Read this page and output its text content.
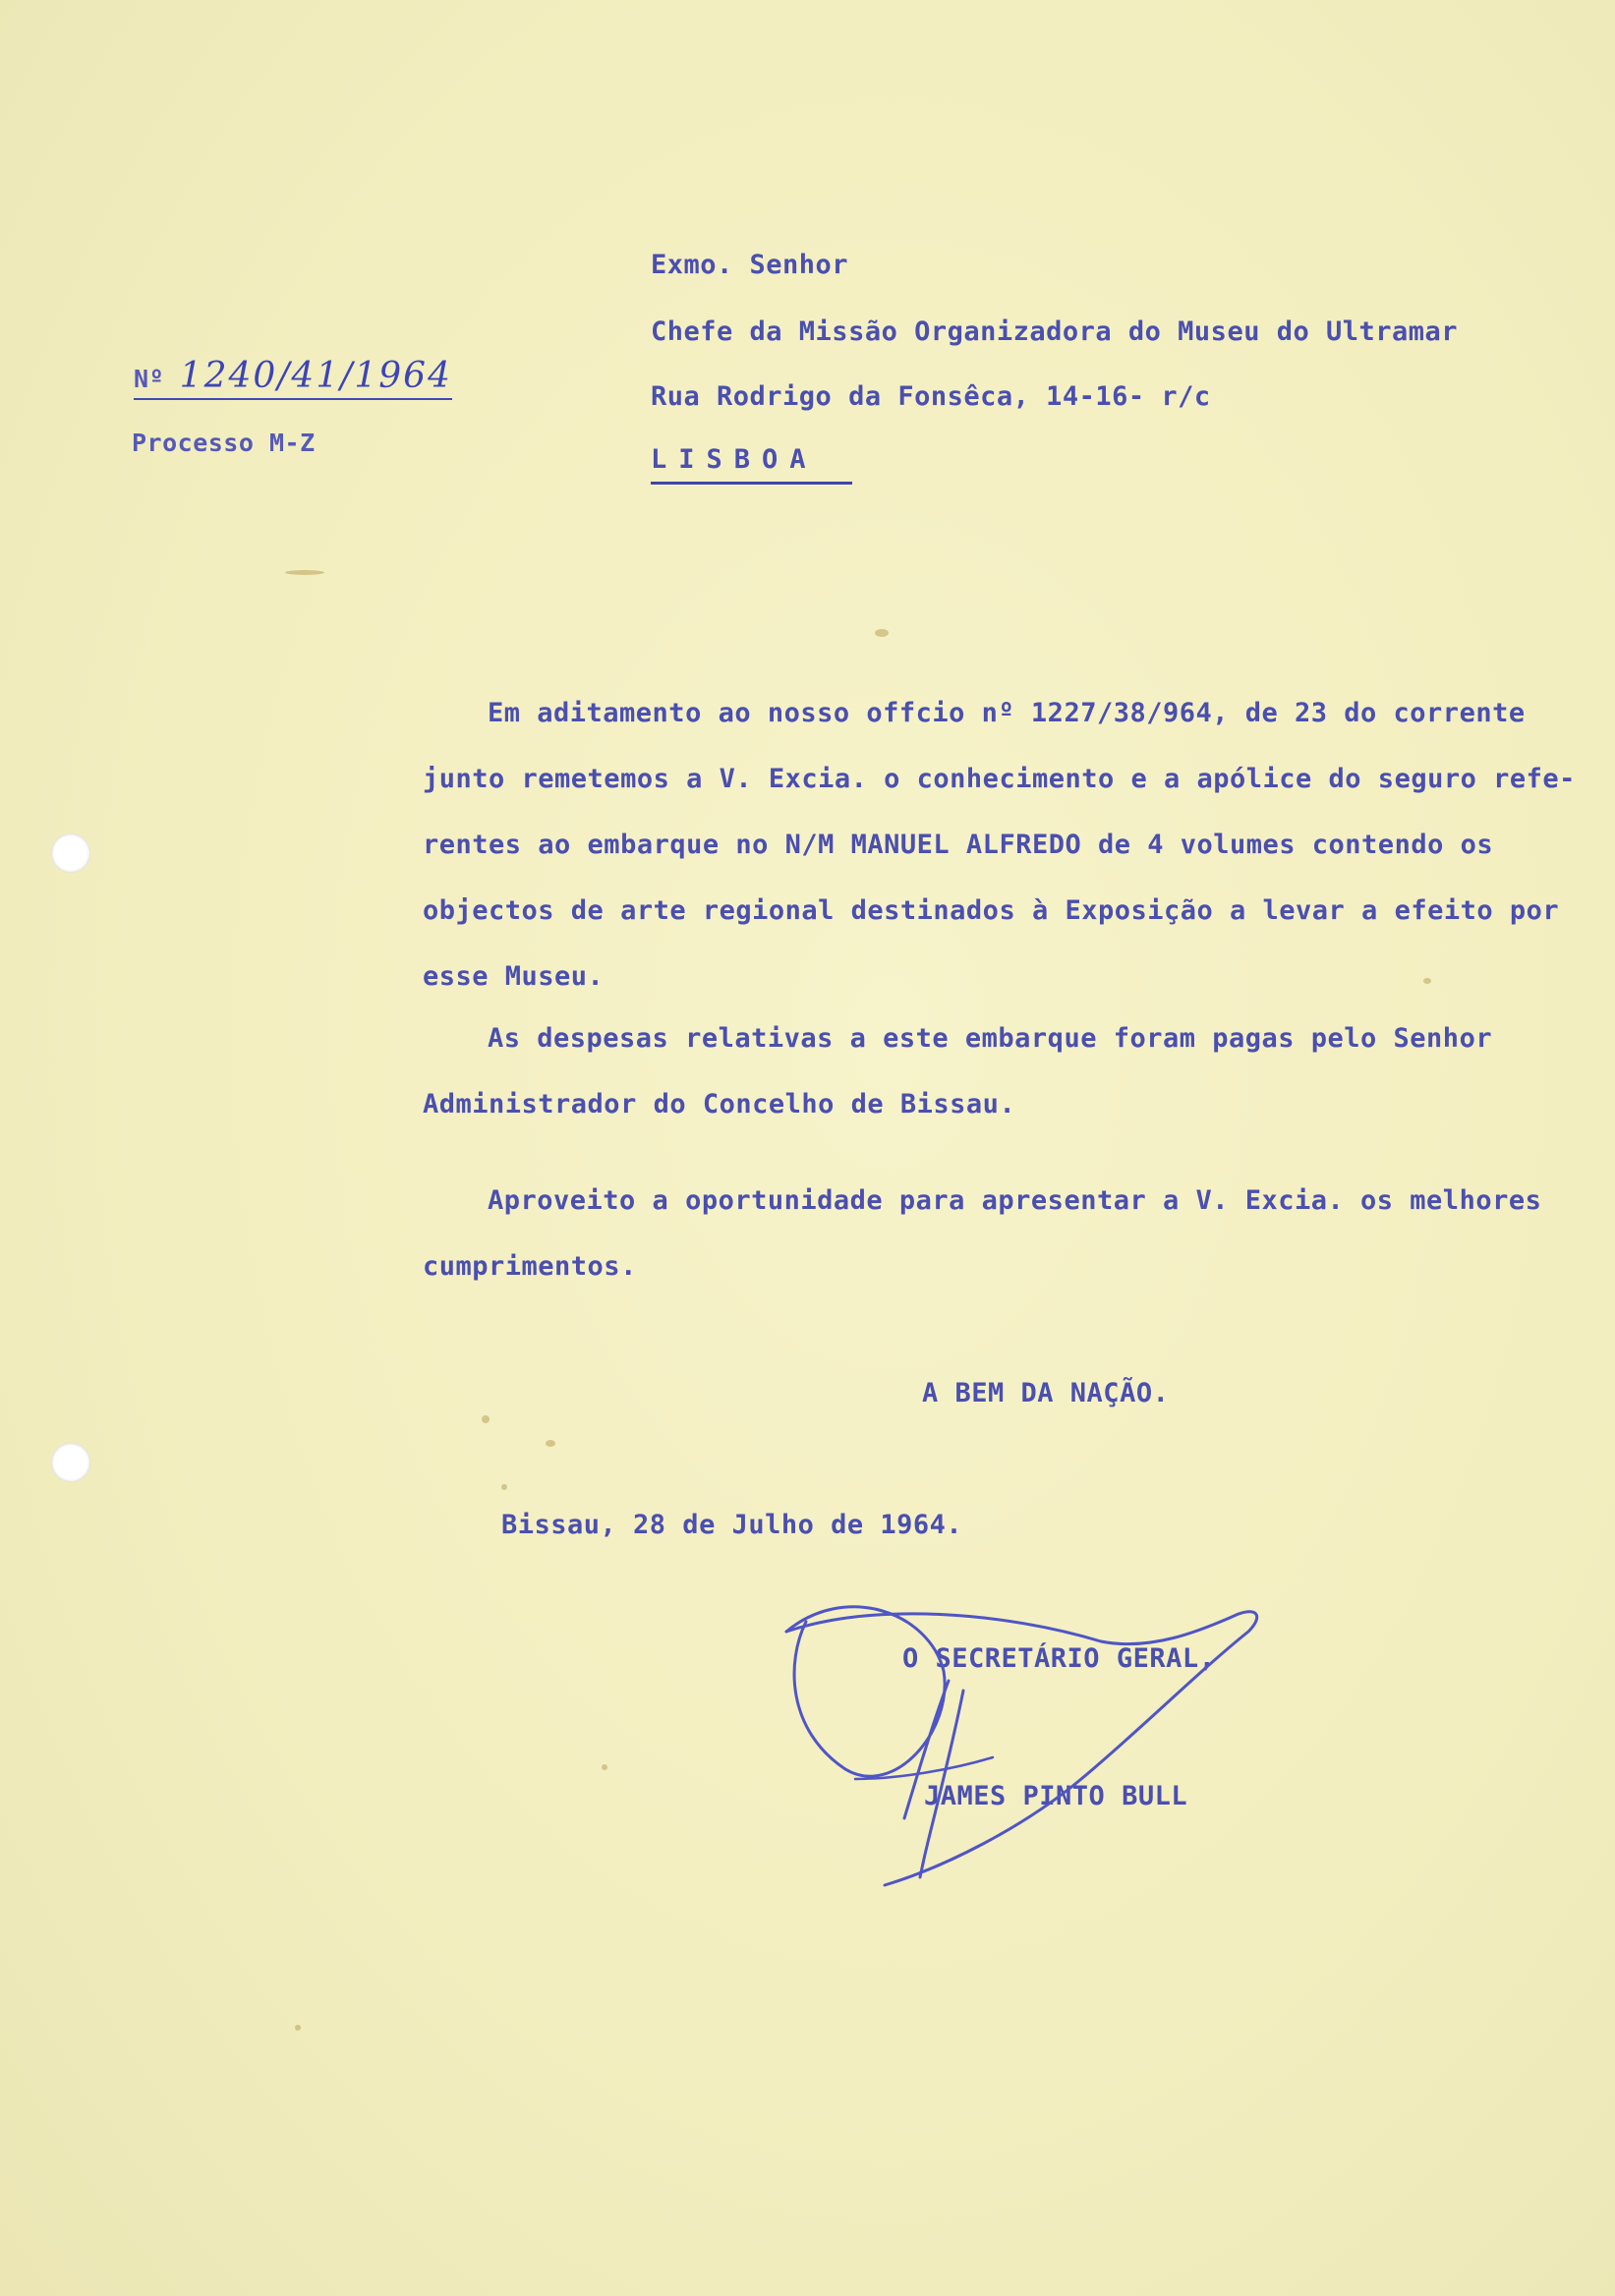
Exmo. Senhor
Chefe da Missão Organizadora do Museu do Ultramar
Rua Rodrigo da Fonsêca, 14-16- r/c
LISBOA
Nº 1240/41/1964
Processo M-Z
Em aditamento ao nosso offcio nº 1227/38/964, de 23 do corrente
junto remetemos a V. Excia. o conhecimento e a apólice do seguro refe-
rentes ao embarque no N/M MANUEL ALFREDO de 4 volumes contendo os
objectos de arte regional destinados à Exposição a levar a efeito por
esse Museu.
As despesas relativas a este embarque foram pagas pelo Senhor
Administrador do Concelho de Bissau.
Aproveito a oportunidade para apresentar a V. Excia. os melhores
cumprimentos.
A BEM DA NAÇÃO.
Bissau, 28 de Julho de 1964.
O SECRETÁRIO GERAL,
JAMES PINTO BULL
